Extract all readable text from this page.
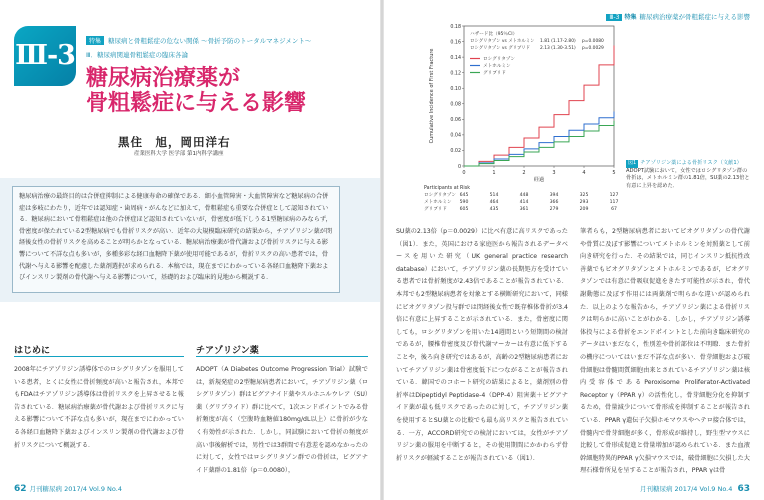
Ⅲ-3	特集 糖尿病と骨粗鬆症の危ない関係 ～骨折予防のトータルマネジメント～
Ⅲ．糖尿病関連骨粗鬆症の臨床各論
糖尿病治療薬が
骨粗鬆症に与える影響
黒住　旭，岡田洋右
産業医科大学 医学部 第1内科学講座
糖尿病治療の最終目的は合併症抑制による健康寿命の確保である．細小血管障害・大血管障害など糖尿病の合併症は多岐にわたり，近年では認知症・歯周病・がんなどに加えて，骨粗鬆症も重要な合併症として認知されている．糖尿病において骨粗鬆症は他の合併症ほど認知されていないが，骨密度が低下しうる1型糖尿病のみならず，骨密度が保たれている2型糖尿病でも骨折リスクが高い．近年の大規模臨床研究の結果から，チアゾリジン薬が閉経後女性の骨折リスクを高めることが明らかとなっている．糖尿病治療薬が骨代謝および骨折リスクに与える影響について不詳な点も多いが，多種多彩な経口血糖降下薬が使用可能であるが，骨折リスクの高い患者では，骨代謝へ与える影響を配慮した薬剤選択が求められる．本稿では，現在までにわかっている各経口血糖降下薬およびインスリン製剤の骨代謝へ与える影響について，基礎的および臨床的見地から概説する．
はじめに
2008年にチアゾリジン誘導体でのロシグリタゾンを服用している患者，とくに女性に骨折頻度が高いと報告され，本邦でもFDAはチアゾリジン誘導体は骨折リスクを上昇させると報告されている．糖尿病治療薬が骨代謝および骨折リスクに与える影響について不詳な点も多いが，現在までにわかっている各経口血糖降下薬およびインスリン製剤の骨代謝および骨折リスクについて概説する．
チアゾリジン薬
ADOPT（A Diabetes Outcome Progression Trial）試験では，新規発症の2型糖尿病患者において，チアゾリジン薬（ロシグリタゾン）群はビグアナイド薬やスルホニルウレア（SU）薬（グリブライド）群に比べて，1次エンドポイントでみる骨折頻度が高く（空腹時血糖値180mg/dL以上）に骨折が少なく有効性が示された．しかし，同試験において骨折の頻度が高い事後解析では，男性では3群間で有意差を認めなかったのに対して，女性ではロシグリタゾン群での骨折は，ビグアナイド薬群の1.81倍（p＝0.0080），
62 月刊糖尿病 2017/4 Vol.9 No.4
Ⅲ-3 特集 糖尿病治療薬が骨粗鬆症に与える影響
0
0.02
0.04
0.06
0.08
0.10
0.12
0.14
0.16
0.18
0	1	2	3	4	5
経過
Cumulative Incidence of First Fracture
ハザード比（95％CI）
ロシグリタゾン vs メトホルミン 1.81 (1.17-2.80) p=0.0080
ロシグリタゾン vs グリブリド 2.13 (1.30-3.51) p=0.0029
ロシグリタゾン
メトホルミン
グリブリド
Participants at Risk
ロシグリタゾン 645	514	448	394	325	127
メトホルミン 590	464	414	366	293	117
グリブリド	605	435	361	279	209	67
図1 チアゾリジン薬による骨折リスク（文献1）
ADOPT試験において，女性ではロシグリタゾン群の骨折は，メトホルミン群の1.81倍，SU薬の2.13倍と有意に上昇を認めた．
SU薬の2.13倍（p＝0.0029）に比べ有意に高リスクであった（図1）．また，英国における家庭医から報告されるデータベースを用いた研究（UK general practice research database）において，チアゾリジン薬の長期処方を受けている患者では骨折頻度が2.43倍であることが報告されている．本邦でも2型糖尿病患者を対象とする横断研究において，同様にピオグリタゾン投与群では閉経後女性で既存椎体骨折が3.4倍に有意に上昇することが示されている．また，骨密度に関しても，ロシグリタゾンを用いた14週間という短期間の検討であるが，腰椎骨密度及び骨代謝マーカーは有意に低下することや，後ろ向き研究ではあるが，高齢の2型糖尿病患者においてチアゾリジン薬は骨密度低下につながることが報告されている．韓国でのコホート研究の結果によると，薬剤別の骨折率はDipeptidyl Peptidase-4（DPP-4）阻害薬＋ビグアナイド薬が最も低リスクであったのに対して，チアゾリジン薬を使用するとSU薬との比較でも最も高リスクと報告されている．一方，ACCORD研究での検討においては，女性がチアゾリジン薬の服用を中断すると，その使用期間にかかわらず骨折リスクが軽減することが報告されている（図1）．
筆者らも，2型糖尿病患者においてピオグリタゾンの骨代謝や骨質に及ぼす影響についてメトホルミンを対照薬として前向き研究を行った．その結果では，同じインスリン抵抗性改善薬でもピオグリタゾンとメトホルミンであるが，ピオグリタゾンでは有意に骨吸収促進をきたす可能性が示され，骨代謝動態に及ぼす作用には両薬剤で明らかな違いが認められた．以上のような報告から，チアゾリジン薬による骨折リスクは明らかに高いことがわかる．しかし，チアゾリジン誘導体投与による骨折をエンドポイントとした前向き臨床研究のデータはいまだなく，性別差や骨折部位は不明瞭．また骨折の機序についてはいまだ不詳な点が多い．骨芽細胞および破骨細胞は骨髄間質細胞由来とされているチアゾリジン薬は核内受容体であるPeroxisome Proliferator-Activated Receptor γ（PPAR γ）の活性化し，骨芽細胞分化を抑制するため，骨量減少について骨形成を抑制することが報告されている．PPAR γ遺伝子欠損ホモマウスやヘテロ接合体では，骨髄内で骨芽細胞が多く，骨形成が維持し，野生型マウスに比較して骨形成促進と骨量増加が認められている．また血液幹細胞特異的PPAR γ欠損マウスでは，破骨細胞に欠損した大理石様骨所見を呈することが報告され，PPAR γは骨
月刊糖尿病 2017/4 Vol.9 No.4 63
